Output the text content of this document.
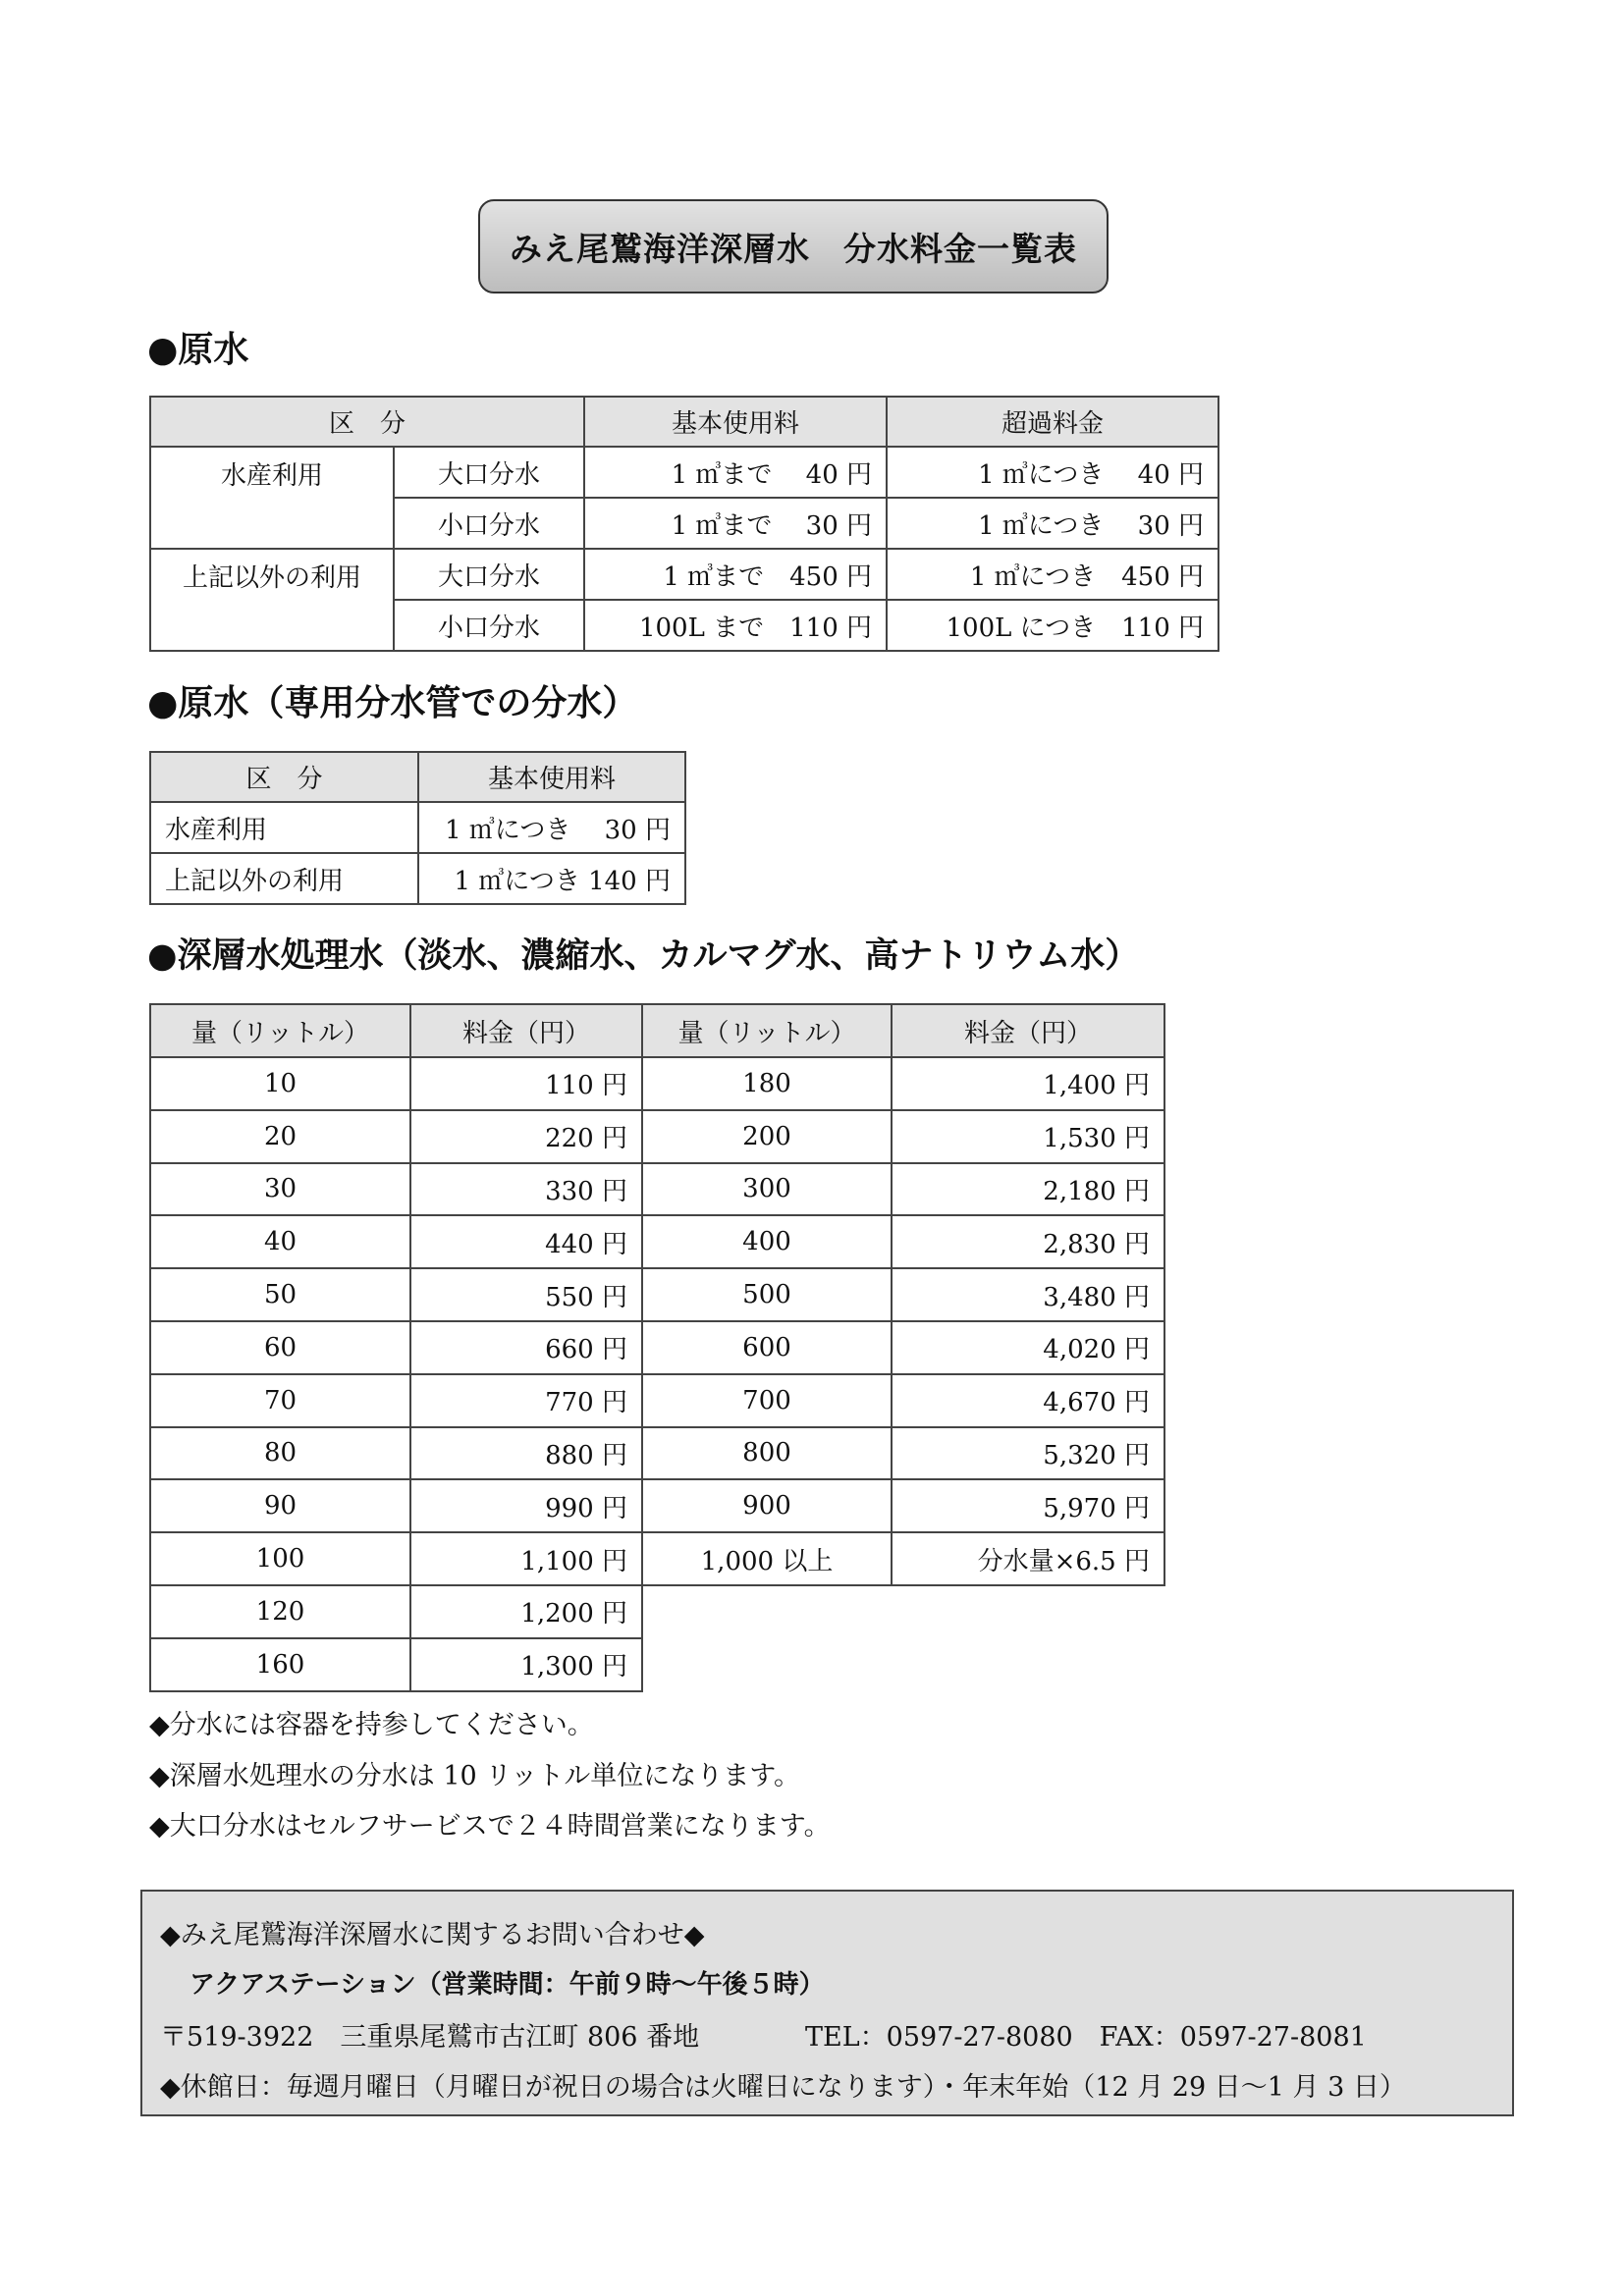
みえ尾鷲海洋深層水　分水料金一覧表
●原水
区　分		基本使用料	超過料金
水産利用	大口分水	1 ㎥まで　 40 円	1 ㎥につき　 40 円
	小口分水	1 ㎥まで　 30 円	1 ㎥につき　 30 円
上記以外の利用	大口分水	1 ㎥まで　450 円	1 ㎥につき　450 円
	小口分水	100L まで　110 円	100L につき　110 円
●原水（専用分水管での分水）
区　分	基本使用料
水産利用	1 ㎥につき　 30 円
上記以外の利用	1 ㎥につき 140 円
●深層水処理水（淡水、濃縮水、カルマグ水、高ナトリウム水）
量（リットル）	料金（円）	量（リットル）	料金（円）
10	110 円	180	1,400 円
20	220 円	200	1,530 円
30	330 円	300	2,180 円
40	440 円	400	2,830 円
50	550 円	500	3,480 円
60	660 円	600	4,020 円
70	770 円	700	4,670 円
80	880 円	800	5,320 円
90	990 円	900	5,970 円
100	1,100 円	1,000 以上	分水量×6.5 円
120	1,200 円		
160	1,300 円		
◆分水には容器を持参してください。
◆深層水処理水の分水は 10 リットル単位になります。
◆大口分水はセルフサービスで２４時間営業になります。
◆みえ尾鷲海洋深層水に関するお問い合わせ◆
アクアステーション（営業時間：午前９時～午後５時）
〒519-3922　三重県尾鷲市古江町 806 番地	TEL：0597-27-8080　FAX：0597-27-8081
◆休館日：毎週月曜日（月曜日が祝日の場合は火曜日になります）・年末年始（12 月 29 日～1 月 3 日）
